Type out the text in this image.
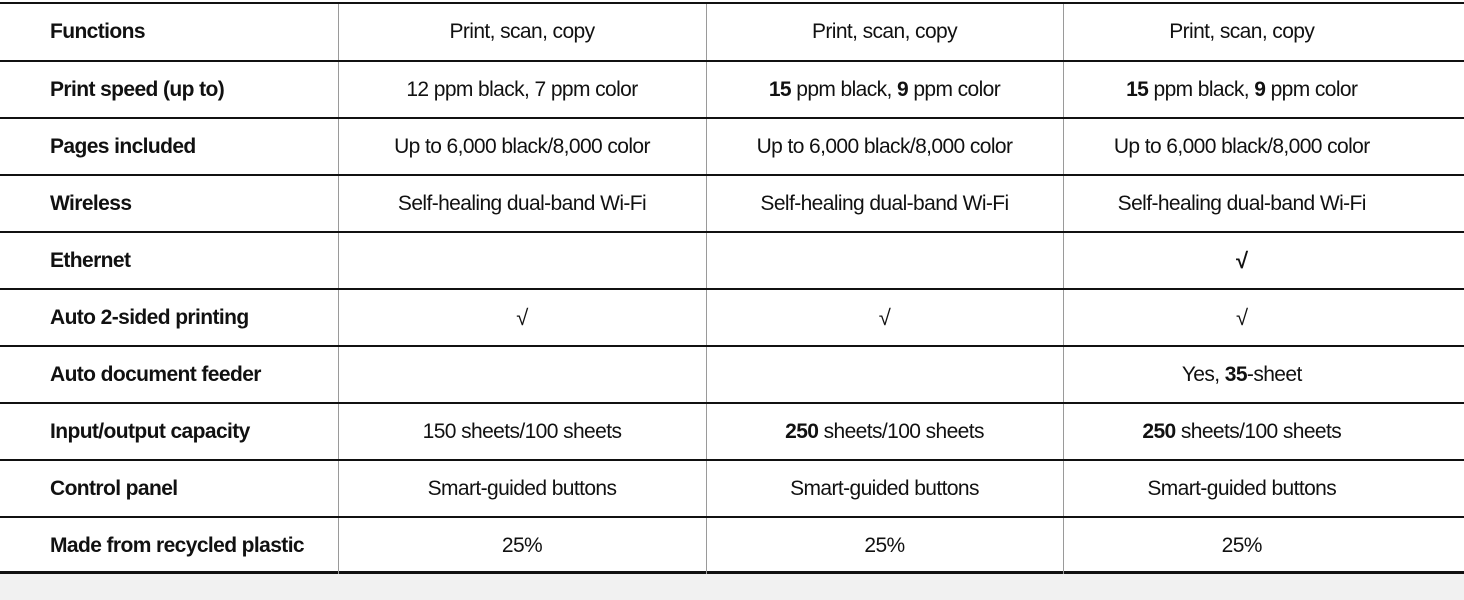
Functions	Print, scan, copy	Print, scan, copy	Print, scan, copy
Print speed (up to)	12 ppm black, 7 ppm color	15 ppm black, 9 ppm color	15 ppm black, 9 ppm color
Pages included	Up to 6,000 black/8,000 color	Up to 6,000 black/8,000 color	Up to 6,000 black/8,000 color
Wireless	Self-healing dual-band Wi-Fi	Self-healing dual-band Wi-Fi	Self-healing dual-band Wi-Fi
Ethernet			√
Auto 2-sided printing	√	√	√
Auto document feeder			Yes, 35-sheet
Input/output capacity	150 sheets/100 sheets	250 sheets/100 sheets	250 sheets/100 sheets
Control panel	Smart-guided buttons	Smart-guided buttons	Smart-guided buttons
Made from recycled plastic	25%	25%	25%
